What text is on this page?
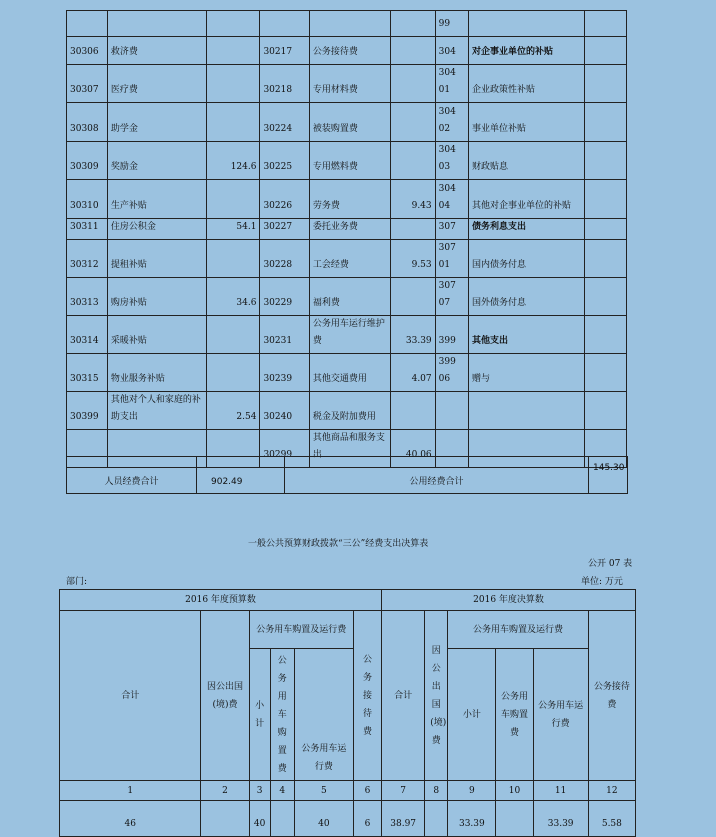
						99		
30306	救济费		30217	公务接待费		304	对企事业单位的补贴	
30307	医疗费		30218	专用材料费		304 01	企业政策性补贴	
30308	助学金		30224	被装购置费		304 02	事业单位补贴	
30309	奖励金	124.6	30225	专用燃料费		304 03	财政贴息	
30310	生产补贴		30226	劳务费	9.43	304 04	其他对企事业单位的补贴	
30311	住房公积金	54.1	30227	委托业务费		307	债务利息支出	
30312	提租补贴		30228	工会经费	9.53	307 01	国内债务付息	
30313	购房补贴	34.6	30229	福利费		307 07	国外债务付息	
30314	采暖补贴		30231	公务用车运行维护费	33.39	399	其他支出	
30315	物业服务补贴		30239	其他交通费用	4.07	399 06	赠与	
30399	其他对个人和家庭的补助支出	2.54	30240	税金及附加费用				
			30299	其他商品和服务支出	40.06			
人员经费合计	902.49	公用经费合计	145.30
一般公共预算财政拨款“三公”经费支出决算表
公开 07 表
部门:	单位: 万元
2016 年度预算数						2016 年度决算数					
合计	因公出国(境)费	公务用车购置及运行费			公务接待费	合计	因公出国(境)费	公务用车购置及运行费			公务接待费
		小计	公务用车购置费	公务用车运行费				小计	公务用车购置费	公务用车运行费	

1	2	3	4	5	6	7	8	9	10	11	12
46		40		40	6	38.97		33.39		33.39	5.58
